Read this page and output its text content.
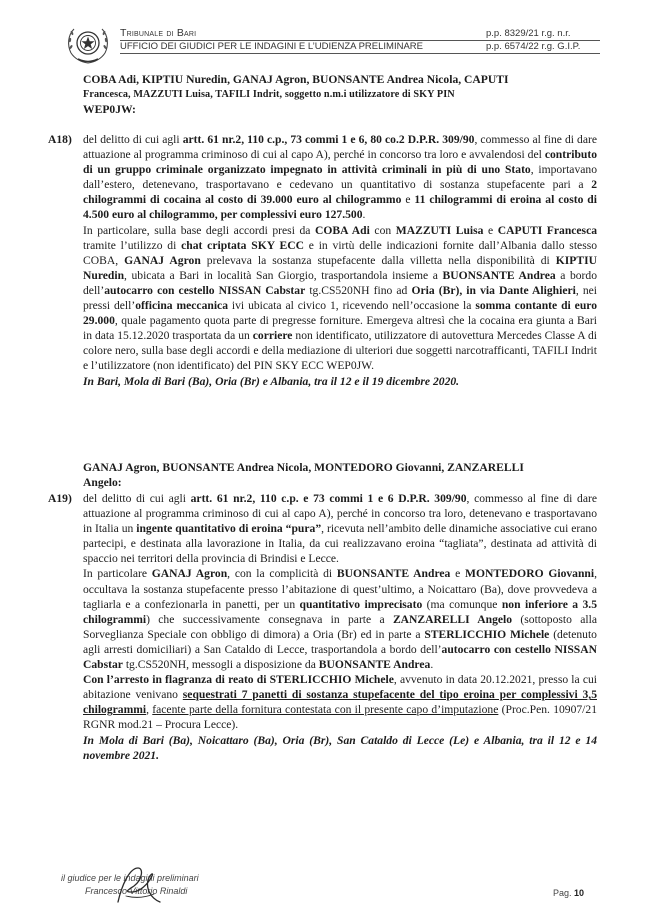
Tribunale di Bari
UFFICIO DEI GIUDICI PER LE INDAGINI E L’UDIENZA PRELIMINARE
p.p. 8329/21 r.g. n.r.
p.p. 6574/22 r.g. G.I.P.
COBA Adi, KIPTIU Nuredin, GANAJ Agron, BUONSANTE Andrea Nicola, CAPUTI
Francesca, MAZZUTI Luisa, TAFILI Indrit, soggetto n.m.i utilizzatore di SKY PIN
WEP0JW:
A18) del delitto di cui agli artt. 61 nr.2, 110 c.p., 73 commi 1 e 6, 80 co.2 D.P.R. 309/90, commesso al fine di dare attuazione al programma criminoso di cui al capo A), perché in concorso tra loro e avvalendosi del contributo di un gruppo criminale organizzato impegnato in attività criminali in più di uno Stato, importavano dall’estero, detenevano, trasportavano e cedevano un quantitativo di sostanza stupefacente pari a 2 chilogrammi di cocaina al costo di 39.000 euro al chilogrammo e 11 chilogrammi di eroina al costo di 4.500 euro al chilogrammo, per complessivi euro 127.500.

In particolare, sulla base degli accordi presi da COBA Adi con MAZZUTI Luisa e CAPUTI Francesca tramite l’utilizzo di chat criptata SKY ECC e in virtù delle indicazioni fornite dall’Albania dallo stesso COBA, GANAJ Agron prelevava la sostanza stupefacente dalla villetta nella disponibilità di KIPTIU Nuredin, ubicata a Bari in località San Giorgio, trasportandola insieme a BUONSANTE Andrea a bordo dell’autocarro con cestello NISSAN Cabstar tg.CS520NH fino ad Oria (Br), in via Dante Alighieri, nei pressi dell’officina meccanica ivi ubicata al civico 1, ricevendo nell’occasione la somma contante di euro 29.000, quale pagamento quota parte di pregresse forniture. Emergeva altresì che la cocaina era giunta a Bari in data 15.12.2020 trasportata da un corriere non identificato, utilizzatore di autovettura Mercedes Classe A di colore nero, sulla base degli accordi e della mediazione di ulteriori due soggetti narcotrafficanti, TAFILI Indrit e l’utilizzatore (non identificato) del PIN SKY ECC WEP0JW.

In Bari, Mola di Bari (Ba), Oria (Br) e Albania, tra il 12 e il 19 dicembre 2020.

GANAJ Agron, BUONSANTE Andrea Nicola, MONTEDORO Giovanni, ZANZARELLI
Angelo:
A19) del delitto di cui agli artt. 61 nr.2, 110 c.p. e 73 commi 1 e 6 D.P.R. 309/90, commesso al fine di dare attuazione al programma criminoso di cui al capo A), perché in concorso tra loro, detenevano e trasportavano in Italia un ingente quantitativo di eroina “pura”, ricevuta nell’ambito delle dinamiche associative cui erano partecipi, e destinata alla lavorazione in Italia, da cui realizzavano eroina “tagliata”, destinata ad attività di spaccio nei territori della provincia di Brindisi e Lecce.

In particolare GANAJ Agron, con la complicità di BUONSANTE Andrea e MONTEDORO Giovanni, occultava la sostanza stupefacente presso l’abitazione di quest’ultimo, a Noicattaro (Ba), dove provvedeva a tagliarla e a confezionarla in panetti, per un quantitativo imprecisato (ma comunque non inferiore a 3.5 chilogrammi) che successivamente consegnava in parte a ZANZARELLI Angelo (sottoposto alla Sorveglianza Speciale con obbligo di dimora) a Oria (Br) ed in parte a STERLICCHIO Michele (detenuto agli arresti domiciliari) a San Cataldo di Lecce, trasportandola a bordo dell’autocarro con cestello NISSAN Cabstar tg.CS520NH, messogli a disposizione da BUONSANTE Andrea.

Con l’arresto in flagranza di reato di STERLICCHIO Michele, avvenuto in data 20.12.2021, presso la cui abitazione venivano sequestrati 7 panetti di sostanza stupefacente del tipo eroina per complessivi 3,5 chilogrammi, facente parte della fornitura contestata con il presente capo d’imputazione (Proc.Pen. 10907/21 RGNR mod.21 – Procura Lecce).

In Mola di Bari (Ba), Noicattaro (Ba), Oria (Br), San Cataldo di Lecce (Le) e Albania, tra il 12 e 14 novembre 2021.

il giudice per le indagini preliminari
Francesco Vittorio Rinaldi	Pag. 10
